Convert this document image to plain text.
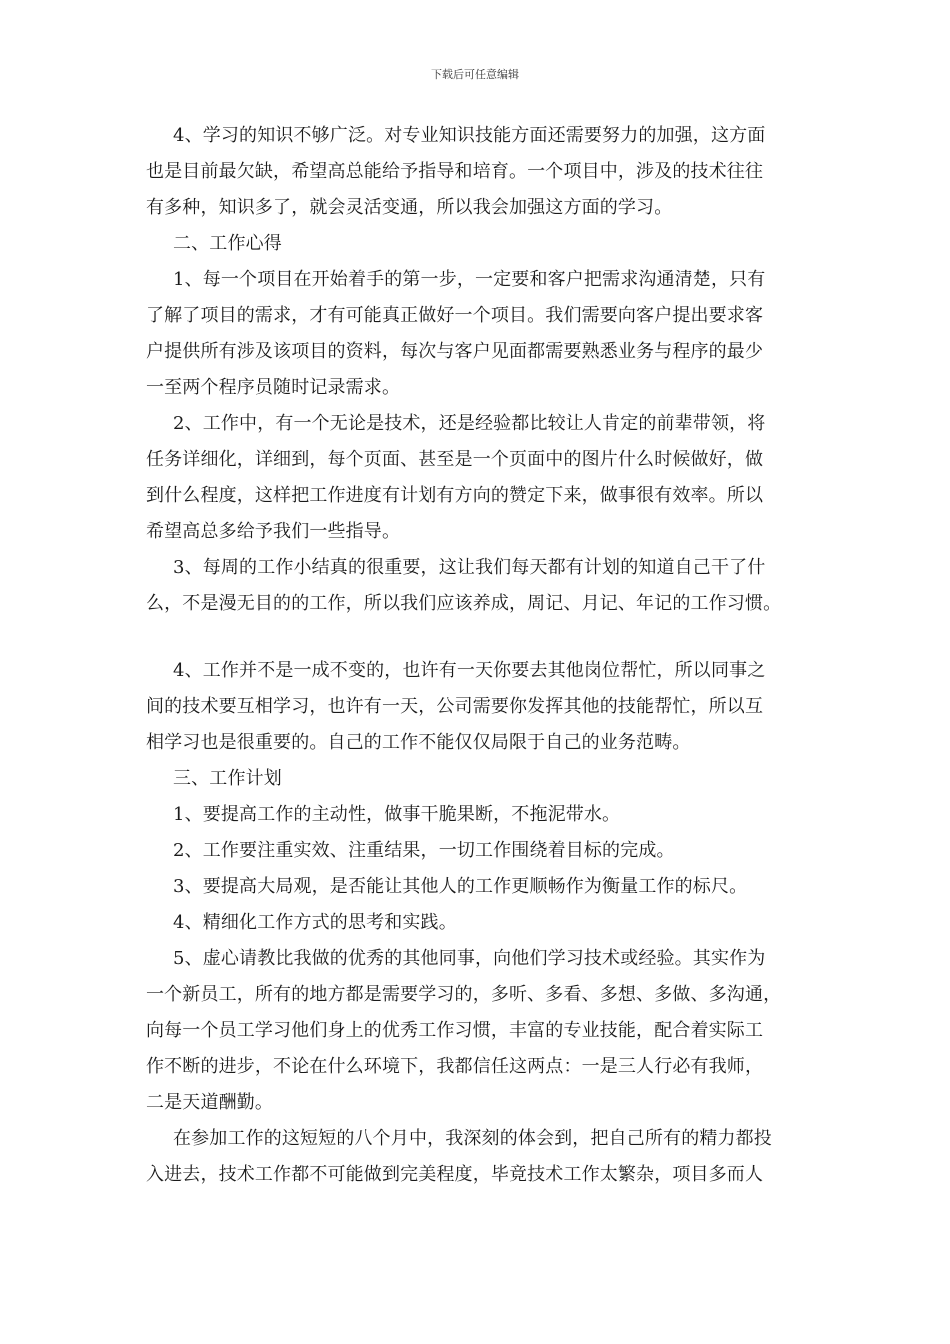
下载后可任意编辑
4、学习的知识不够广泛。对专业知识技能方面还需要努力的加强，这方面
也是目前最欠缺，希望高总能给予指导和培育。一个项目中，涉及的技术往往
有多种，知识多了，就会灵活变通，所以我会加强这方面的学习。
二、工作心得
1、每一个项目在开始着手的第一步，一定要和客户把需求沟通清楚，只有
了解了项目的需求，才有可能真正做好一个项目。我们需要向客户提出要求客
户提供所有涉及该项目的资料，每次与客户见面都需要熟悉业务与程序的最少
一至两个程序员随时记录需求。
2、工作中，有一个无论是技术，还是经验都比较让人肯定的前辈带领，将
任务详细化，详细到，每个页面、甚至是一个页面中的图片什么时候做好，做
到什么程度，这样把工作进度有计划有方向的赞定下来，做事很有效率。所以
希望高总多给予我们一些指导。
3、每周的工作小结真的很重要，这让我们每天都有计划的知道自己干了什
么，不是漫无目的的工作，所以我们应该养成，周记、月记、年记的工作习惯。
4、工作并不是一成不变的，也许有一天你要去其他岗位帮忙，所以同事之
间的技术要互相学习，也许有一天，公司需要你发挥其他的技能帮忙，所以互
相学习也是很重要的。自己的工作不能仅仅局限于自己的业务范畴。
三、工作计划
1、要提高工作的主动性，做事干脆果断，不拖泥带水。
2、工作要注重实效、注重结果，一切工作围绕着目标的完成。
3、要提高大局观，是否能让其他人的工作更顺畅作为衡量工作的标尺。
4、精细化工作方式的思考和实践。
5、虚心请教比我做的优秀的其他同事，向他们学习技术或经验。其实作为
一个新员工，所有的地方都是需要学习的，多听、多看、多想、多做、多沟通，
向每一个员工学习他们身上的优秀工作习惯，丰富的专业技能，配合着实际工
作不断的进步，不论在什么环境下，我都信任这两点：一是三人行必有我师，
二是天道酬勤。
在参加工作的这短短的八个月中，我深刻的体会到，把自己所有的精力都投
入进去，技术工作都不可能做到完美程度，毕竟技术工作太繁杂，项目多而人
